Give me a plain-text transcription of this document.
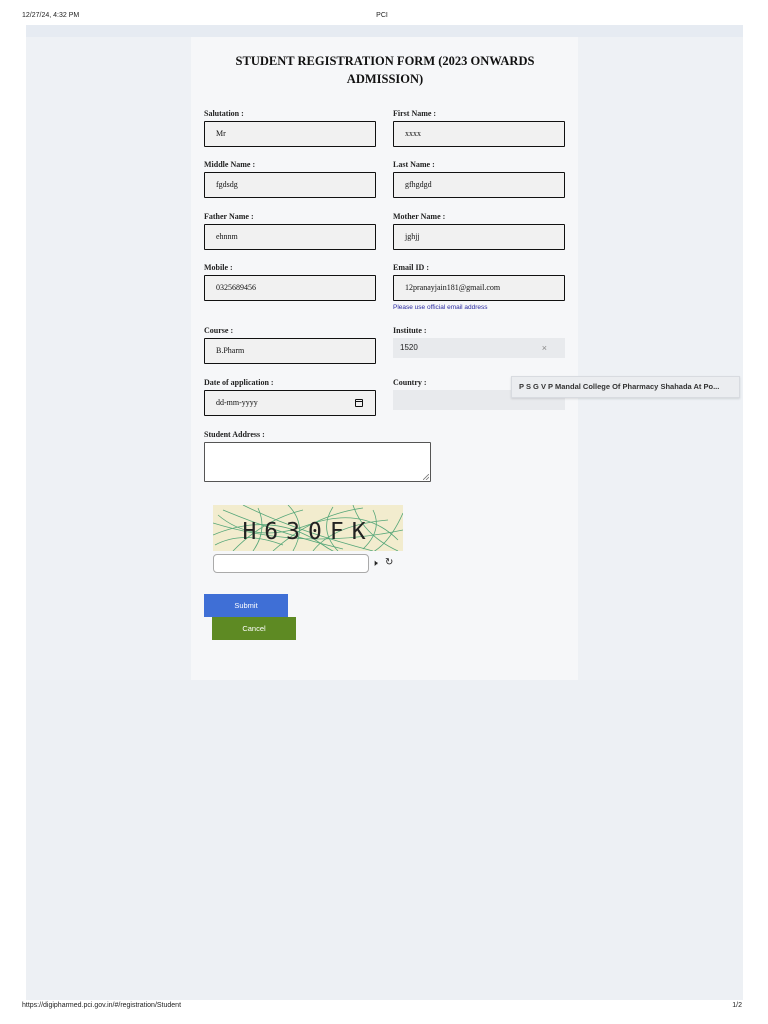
12/27/24, 4:32 PM	PCI
STUDENT REGISTRATION FORM (2023 ONWARDS ADMISSION)
Salutation :
Mr
First Name :
xxxx
Middle Name :
fgdsdg
Last Name :
gfhgdgd
Father Name :
ehnnm
Mother Name :
jghjj
Mobile :
0325689456
Email ID :
12pranayjain181@gmail.com
Please use official email address
Course :
B.Pharm
Institute :
1520	×
Date of application :
dd-mm-yyyy
Country :	P S G V P Mandal College Of Pharmacy Shahada At Po...
Student Address :
H630FK
🕨 ↻
Submit
Cancel
https://digipharmed.pci.gov.in/#/registration/Student	1/2
